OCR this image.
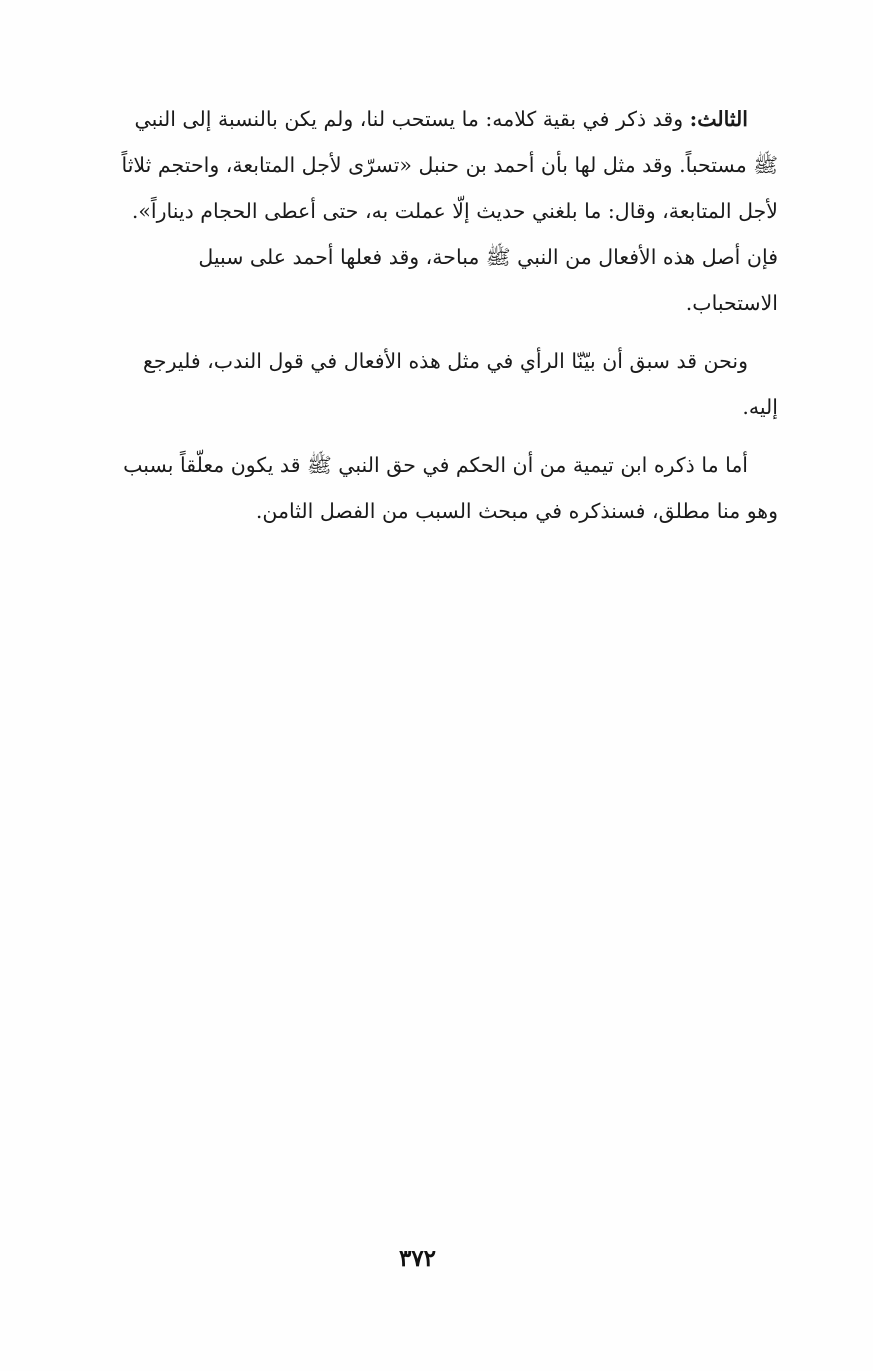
الثالث: وقد ذكر في بقية كلامه: ما يستحب لنا، ولم يكن بالنسبة إلى النبي
ﷺ مستحباً. وقد مثل لها بأن أحمد بن حنبل «تسرّى لأجل المتابعة، واحتجم ثلاثاً
لأجل المتابعة، وقال: ما بلغني حديث إلّا عملت به، حتى أعطى الحجام ديناراً».
فإن أصل هذه الأفعال من النبي ﷺ مباحة، وقد فعلها أحمد على سبيل
الاستحباب.
ونحن قد سبق أن بيّنّا الرأي في مثل هذه الأفعال في قول الندب، فليرجع
إليه.
أما ما ذكره ابن تيمية من أن الحكم في حق النبي ﷺ قد يكون معلّقاً بسبب
وهو منا مطلق، فسنذكره في مبحث السبب من الفصل الثامن.
٣٧٢
